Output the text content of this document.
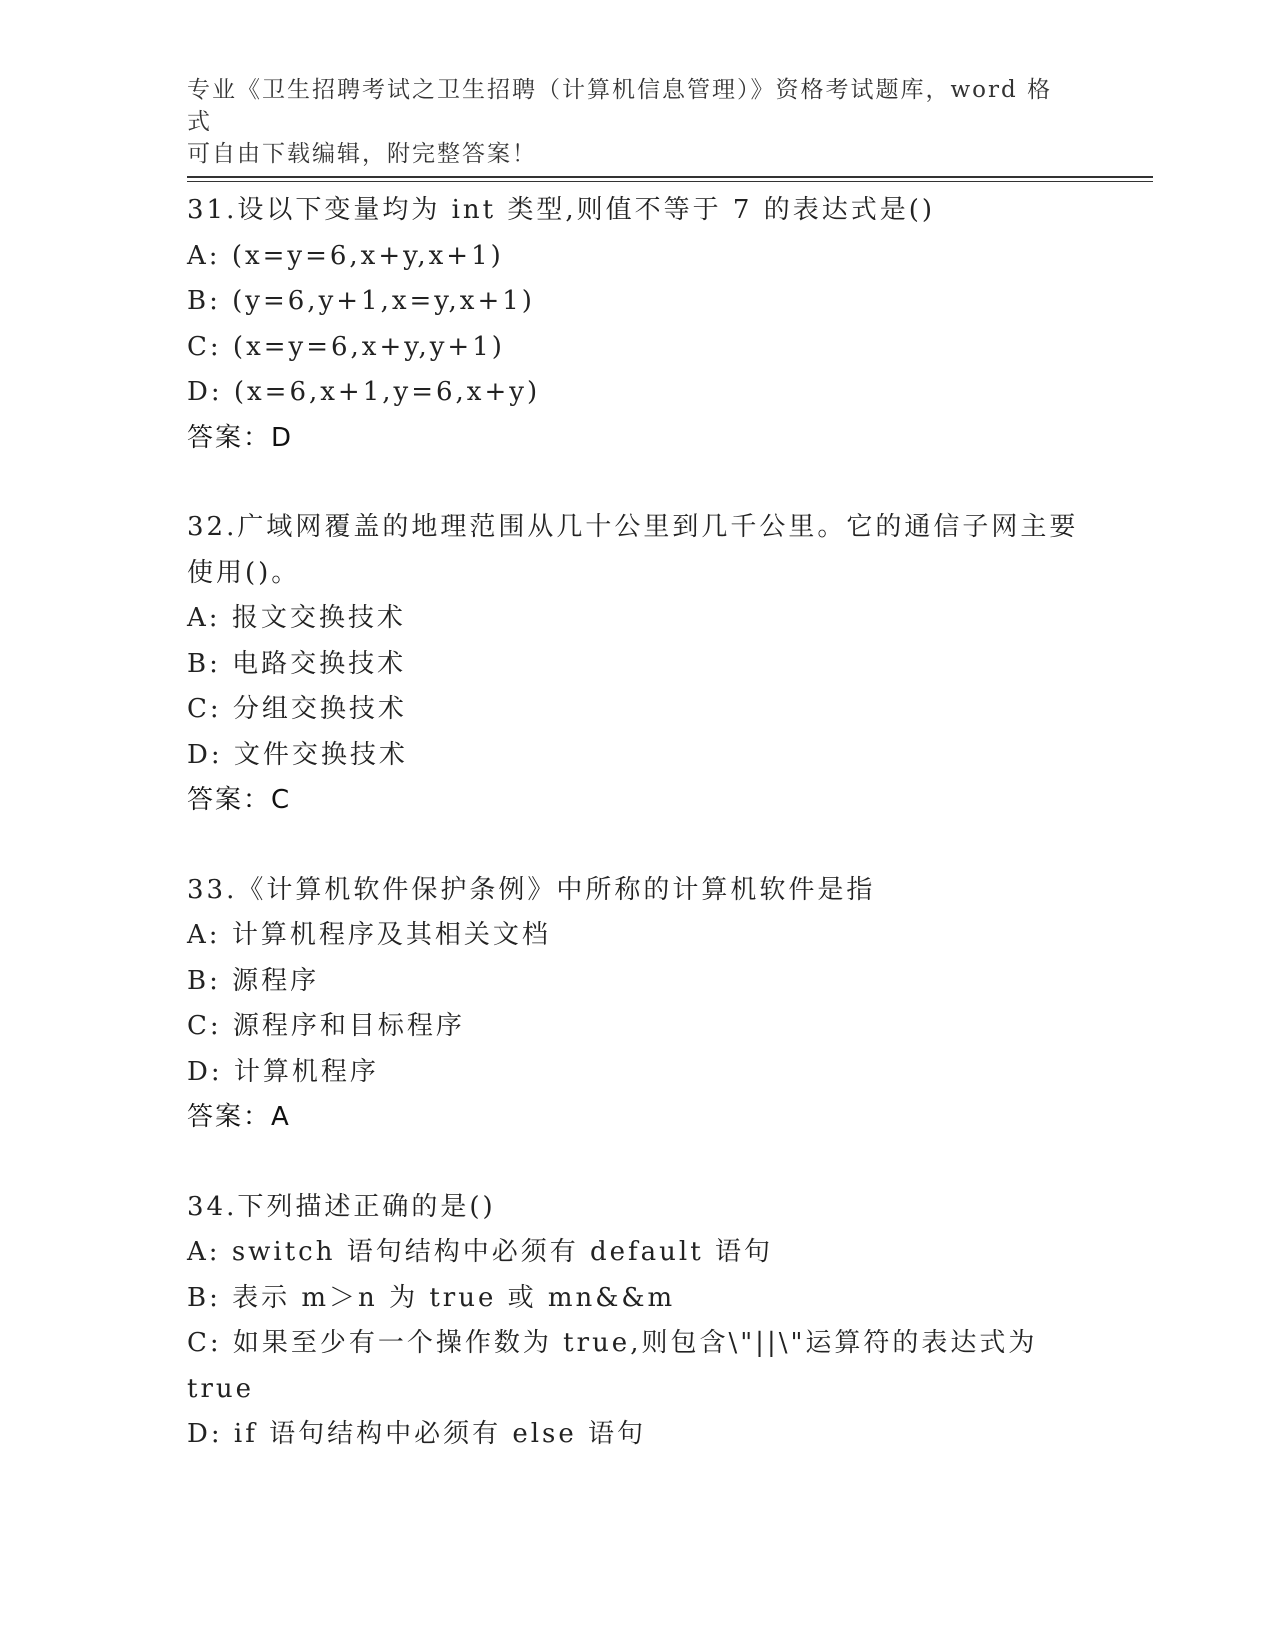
专业《卫生招聘考试之卫生招聘（计算机信息管理）》资格考试题库，word 格式
可自由下载编辑，附完整答案！
31.设以下变量均为 int 类型,则值不等于 7 的表达式是()
A: (x=y=6,x+y,x+1)
B: (y=6,y+1,x=y,x+1)
C: (x=y=6,x+y,y+1)
D: (x=6,x+1,y=6,x+y)
答案：D
32.广域网覆盖的地理范围从几十公里到几千公里。它的通信子网主要
使用()。
A: 报文交换技术
B: 电路交换技术
C: 分组交换技术
D: 文件交换技术
答案：C
33.《计算机软件保护条例》中所称的计算机软件是指
A: 计算机程序及其相关文档
B: 源程序
C: 源程序和目标程序
D: 计算机程序
答案：A
34.下列描述正确的是()
A: switch 语句结构中必须有 default 语句
B: 表示 m＞n 为 true 或 mn&&m
C: 如果至少有一个操作数为 true,则包含\"||\"运算符的表达式为
true
D: if 语句结构中必须有 else 语句
